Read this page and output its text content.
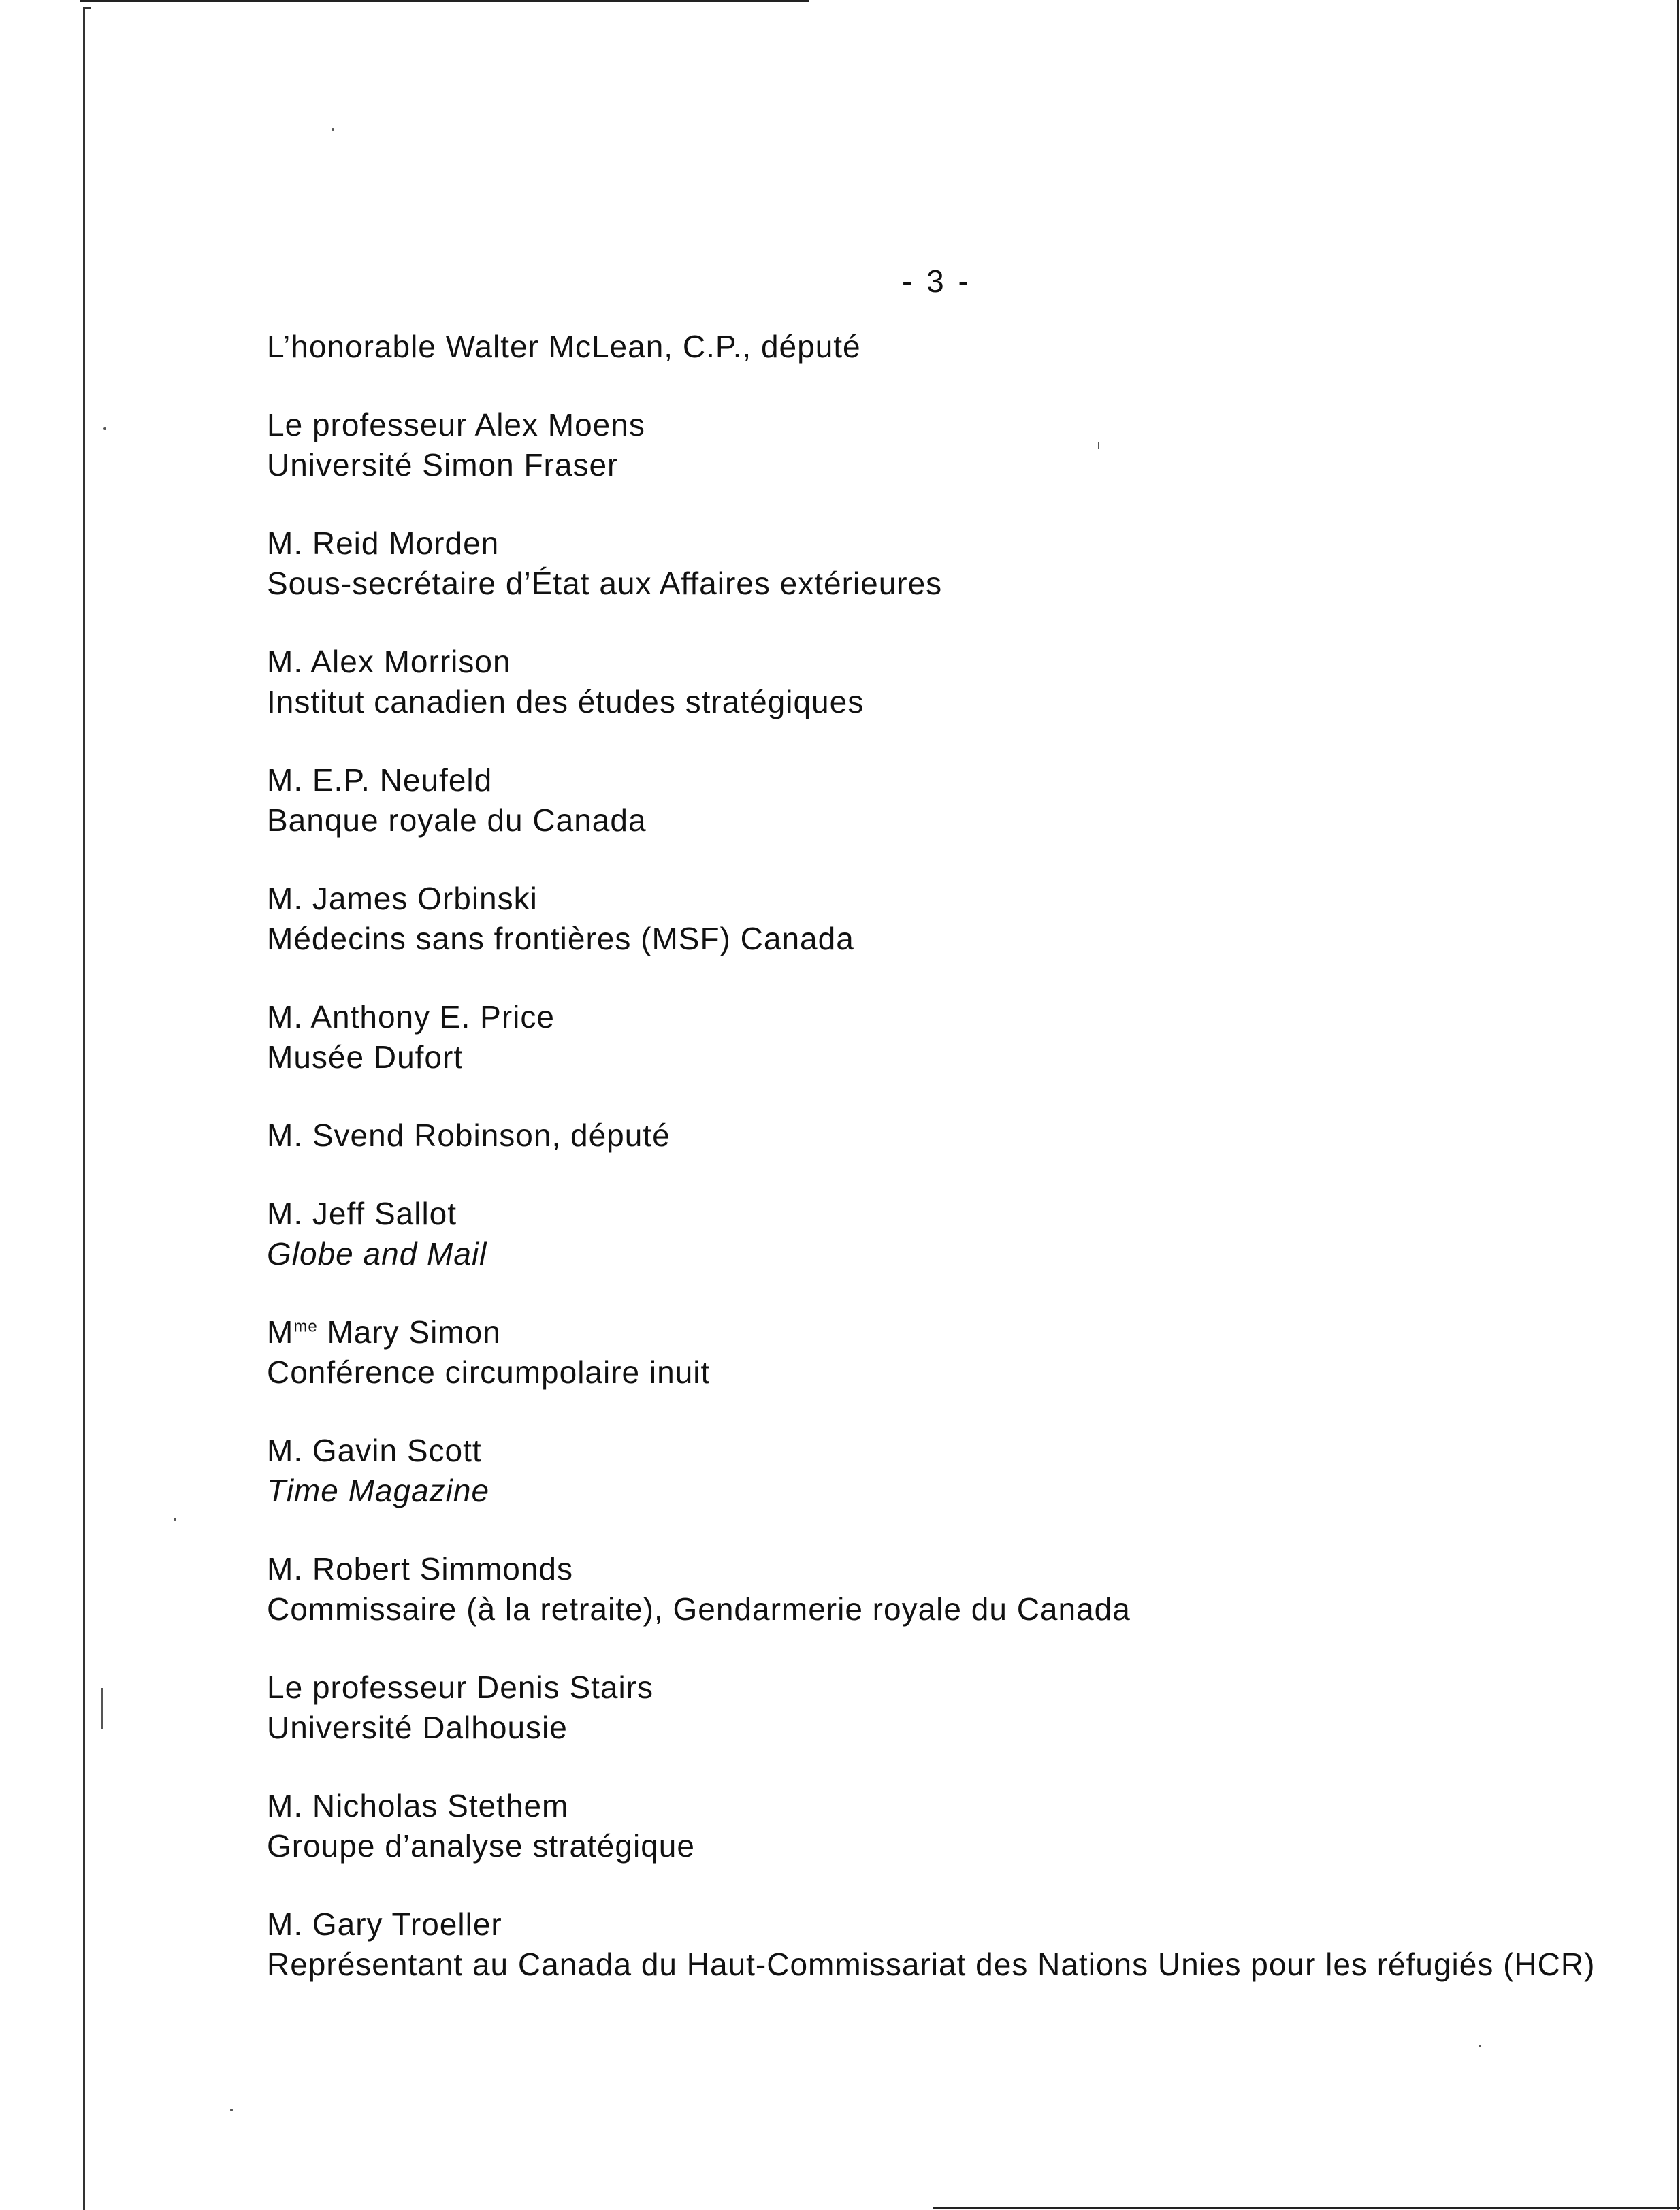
- 3 -
L’honorable Walter McLean, C.P., député
Le professeur Alex Moens
Université Simon Fraser
M. Reid Morden
Sous-secrétaire d’État aux Affaires extérieures
M. Alex Morrison
Institut canadien des études stratégiques
M. E.P. Neufeld
Banque royale du Canada
M. James Orbinski
Médecins sans frontières (MSF) Canada
M. Anthony E. Price
Musée Dufort
M. Svend Robinson, député
M. Jeff Sallot
Globe and Mail
$M^{me}$ Mary Simon
Conférence circumpolaire inuit
M. Gavin Scott
Time Magazine
M. Robert Simmonds
Commissaire (à la retraite), Gendarmerie royale du Canada
Le professeur Denis Stairs
Université Dalhousie
M. Nicholas Stethem
Groupe d’analyse stratégique
M. Gary Troeller
Représentant au Canada du Haut-Commissariat des Nations Unies pour les réfugiés (HCR)
